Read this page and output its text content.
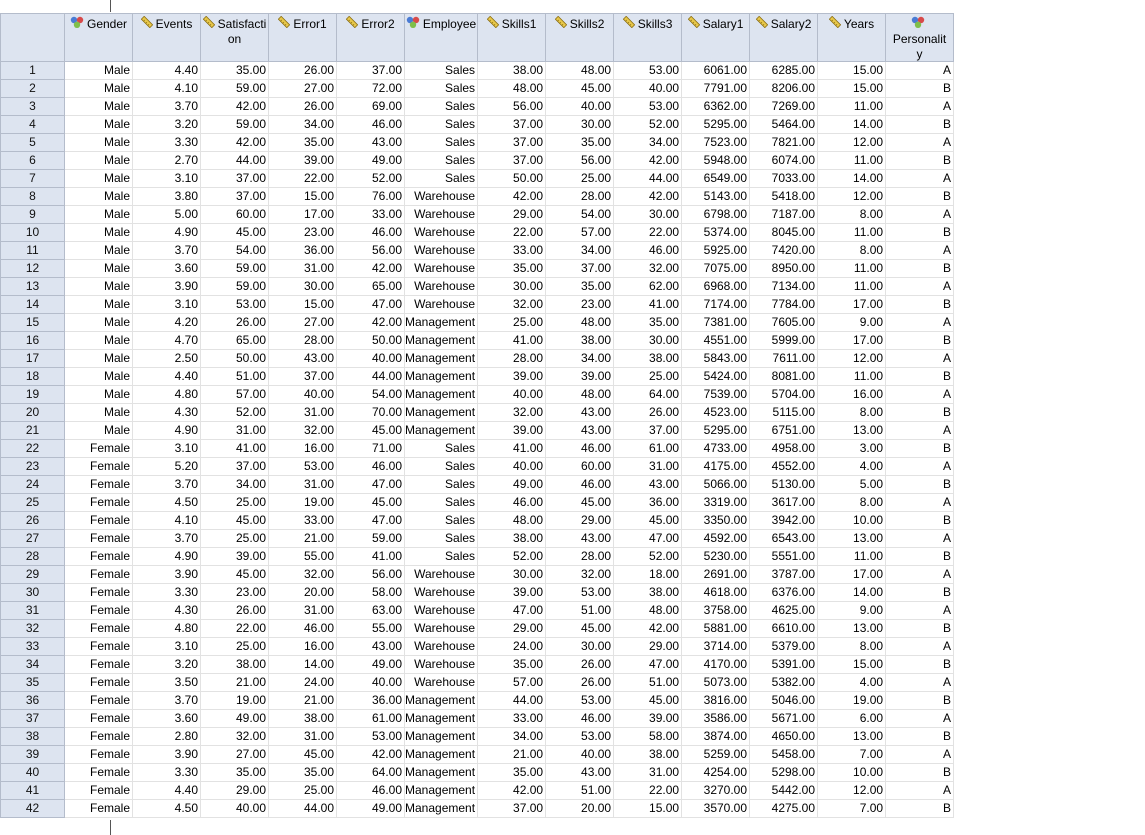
	Gender	Events	Satisfacti
on	Error1	Error2	Employee	Skills1	Skills2	Skills3	Salary1	Salary2	Years	Personalit
y
1	Male	4.40	35.00	26.00	37.00	Sales	38.00	48.00	53.00	6061.00	6285.00	15.00	A
2	Male	4.10	59.00	27.00	72.00	Sales	48.00	45.00	40.00	7791.00	8206.00	15.00	B
3	Male	3.70	42.00	26.00	69.00	Sales	56.00	40.00	53.00	6362.00	7269.00	11.00	A
4	Male	3.20	59.00	34.00	46.00	Sales	37.00	30.00	52.00	5295.00	5464.00	14.00	B
5	Male	3.30	42.00	35.00	43.00	Sales	37.00	35.00	34.00	7523.00	7821.00	12.00	A
6	Male	2.70	44.00	39.00	49.00	Sales	37.00	56.00	42.00	5948.00	6074.00	11.00	B
7	Male	3.10	37.00	22.00	52.00	Sales	50.00	25.00	44.00	6549.00	7033.00	14.00	A
8	Male	3.80	37.00	15.00	76.00	Warehouse	42.00	28.00	42.00	5143.00	5418.00	12.00	B
9	Male	5.00	60.00	17.00	33.00	Warehouse	29.00	54.00	30.00	6798.00	7187.00	8.00	A
10	Male	4.90	45.00	23.00	46.00	Warehouse	22.00	57.00	22.00	5374.00	8045.00	11.00	B
11	Male	3.70	54.00	36.00	56.00	Warehouse	33.00	34.00	46.00	5925.00	7420.00	8.00	A
12	Male	3.60	59.00	31.00	42.00	Warehouse	35.00	37.00	32.00	7075.00	8950.00	11.00	B
13	Male	3.90	59.00	30.00	65.00	Warehouse	30.00	35.00	62.00	6968.00	7134.00	11.00	A
14	Male	3.10	53.00	15.00	47.00	Warehouse	32.00	23.00	41.00	7174.00	7784.00	17.00	B
15	Male	4.20	26.00	27.00	42.00	Management	25.00	48.00	35.00	7381.00	7605.00	9.00	A
16	Male	4.70	65.00	28.00	50.00	Management	41.00	38.00	30.00	4551.00	5999.00	17.00	B
17	Male	2.50	50.00	43.00	40.00	Management	28.00	34.00	38.00	5843.00	7611.00	12.00	A
18	Male	4.40	51.00	37.00	44.00	Management	39.00	39.00	25.00	5424.00	8081.00	11.00	B
19	Male	4.80	57.00	40.00	54.00	Management	40.00	48.00	64.00	7539.00	5704.00	16.00	A
20	Male	4.30	52.00	31.00	70.00	Management	32.00	43.00	26.00	4523.00	5115.00	8.00	B
21	Male	4.90	31.00	32.00	45.00	Management	39.00	43.00	37.00	5295.00	6751.00	13.00	A
22	Female	3.10	41.00	16.00	71.00	Sales	41.00	46.00	61.00	4733.00	4958.00	3.00	B
23	Female	5.20	37.00	53.00	46.00	Sales	40.00	60.00	31.00	4175.00	4552.00	4.00	A
24	Female	3.70	34.00	31.00	47.00	Sales	49.00	46.00	43.00	5066.00	5130.00	5.00	B
25	Female	4.50	25.00	19.00	45.00	Sales	46.00	45.00	36.00	3319.00	3617.00	8.00	A
26	Female	4.10	45.00	33.00	47.00	Sales	48.00	29.00	45.00	3350.00	3942.00	10.00	B
27	Female	3.70	25.00	21.00	59.00	Sales	38.00	43.00	47.00	4592.00	6543.00	13.00	A
28	Female	4.90	39.00	55.00	41.00	Sales	52.00	28.00	52.00	5230.00	5551.00	11.00	B
29	Female	3.90	45.00	32.00	56.00	Warehouse	30.00	32.00	18.00	2691.00	3787.00	17.00	A
30	Female	3.30	23.00	20.00	58.00	Warehouse	39.00	53.00	38.00	4618.00	6376.00	14.00	B
31	Female	4.30	26.00	31.00	63.00	Warehouse	47.00	51.00	48.00	3758.00	4625.00	9.00	A
32	Female	4.80	22.00	46.00	55.00	Warehouse	29.00	45.00	42.00	5881.00	6610.00	13.00	B
33	Female	3.10	25.00	16.00	43.00	Warehouse	24.00	30.00	29.00	3714.00	5379.00	8.00	A
34	Female	3.20	38.00	14.00	49.00	Warehouse	35.00	26.00	47.00	4170.00	5391.00	15.00	B
35	Female	3.50	21.00	24.00	40.00	Warehouse	57.00	26.00	51.00	5073.00	5382.00	4.00	A
36	Female	3.70	19.00	21.00	36.00	Management	44.00	53.00	45.00	3816.00	5046.00	19.00	B
37	Female	3.60	49.00	38.00	61.00	Management	33.00	46.00	39.00	3586.00	5671.00	6.00	A
38	Female	2.80	32.00	31.00	53.00	Management	34.00	53.00	58.00	3874.00	4650.00	13.00	B
39	Female	3.90	27.00	45.00	42.00	Management	21.00	40.00	38.00	5259.00	5458.00	7.00	A
40	Female	3.30	35.00	35.00	64.00	Management	35.00	43.00	31.00	4254.00	5298.00	10.00	B
41	Female	4.40	29.00	25.00	46.00	Management	42.00	51.00	22.00	3270.00	5442.00	12.00	A
42	Female	4.50	40.00	44.00	49.00	Management	37.00	20.00	15.00	3570.00	4275.00	7.00	B
